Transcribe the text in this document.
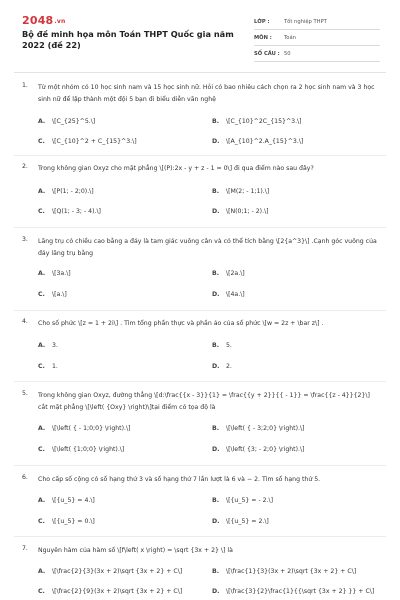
2048.vn
Bộ đề minh họa môn Toán THPT Quốc gia năm 2022 (đề 22)
LỚP :	Tốt nghiệp THPT
MÔN :	Toán
SỐ CÂU : 50
1. Từ một nhóm có 10 học sinh nam và 15 học sinh nữ. Hỏi có bao nhiêu cách chọn ra 2 học sinh nam và 3 học sinh nữ để lập thành một đội 5 bạn đi biểu diễn văn nghệ
A. \[C_{25}^5.\]	B. \[C_{10}^2C_{15}^3.\]
C. \[C_{10}^2 + C_{15}^3.\]	D. \[A_{10}^2.A_{15}^3.\]
2. Trong không gian Oxyz cho mặt phẳng \[(P):2x - y + z - 1 = 0\] đi qua điểm nào sau đây?
A. \[P(1; - 2;0).\]	B. \[M(2; - 1;1).\]
C. \[Q(1; - 3; - 4).\]	D. \[N(0;1; - 2).\]
3. Lăng trụ có chiều cao bằng a đáy là tam giác vuông cân và có thể tích bằng \[2{a^3}\] .Cạnh góc vuông của đáy lăng trụ bằng
A. \[3a.\]	B. \[2a.\]
C. \[a.\]	D. \[4a.\]
4. Cho số phức \[z = 1 + 2i\] . Tìm tổng phần thực và phần ảo của số phức \[w = 2z + \bar z\] .
A. 3.	B. 5.
C. 1.	D. 2.
5. Trong không gian Oxyz, đường thẳng \[d:\frac{{x - 3}}{1} = \frac{{y + 2}}{{ - 1}} = \frac{{z - 4}}{2}\] cắt mặt phẳng \[\left( {Oxy} \right)\]tại điểm có tọa độ là
A. \[\left( { - 1;0;0} \right).\]	B. \[\left( { - 3;2;0} \right).\]
C. \[\left( {1;0;0} \right).\]	D. \[\left( {3; - 2;0} \right).\]
6. Cho cấp số cộng có số hạng thứ 3 và số hạng thứ 7 lần lượt là 6 và − 2. Tìm số hạng thứ 5.
A. \[{u_5} = 4.\]	B. \[{u_5} = - 2.\]
C. \[{u_5} = 0.\]	D. \[{u_5} = 2.\]
7. Nguyên hàm của hàm số \[f\left( x \right) = \sqrt {3x + 2} \] là
A. \[\frac{2}{3}(3x + 2)\sqrt {3x + 2} + C\]	B. \[\frac{1}{3}(3x + 2)\sqrt {3x + 2} + C\]
C. \[\frac{2}{9}(3x + 2)\sqrt {3x + 2} + C\]	D. \[\frac{3}{2}\frac{1}{{\sqrt {3x + 2} }} + C\]
